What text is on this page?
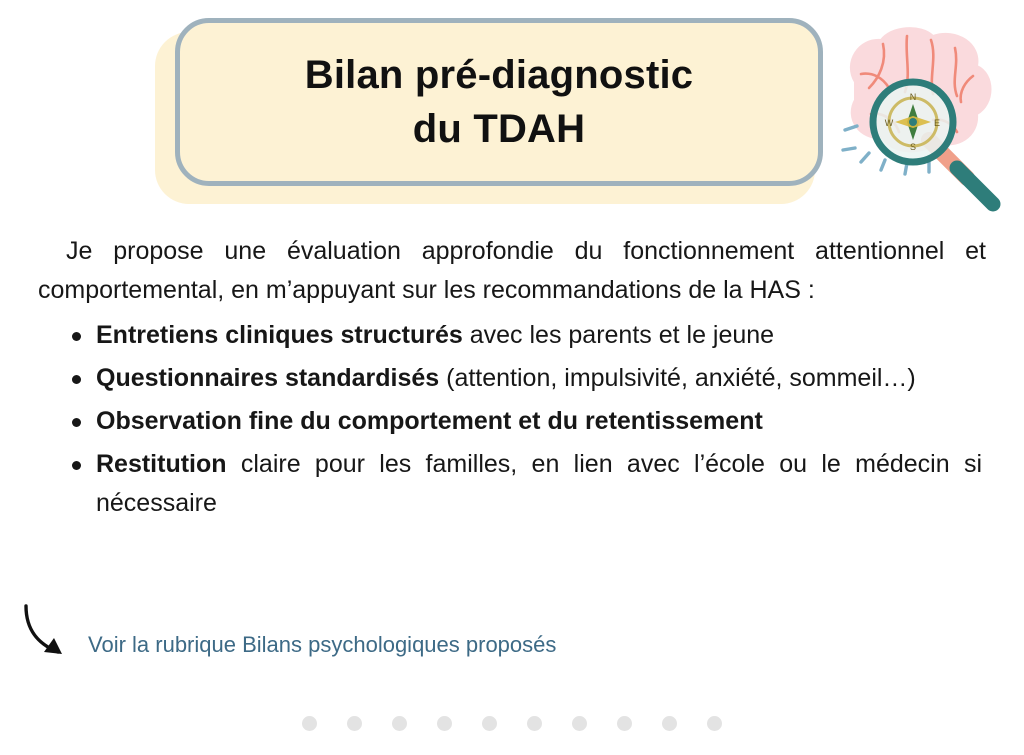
Bilan pré-diagnostic
du TDAH
N
S
E
W

Je propose une évaluation approfondie du fonctionnement attentionnel et comportemental, en m’appuyant sur les recommandations de la HAS :

Entretiens cliniques structurés avec les parents et le jeune
Questionnaires standardisés (attention, impulsivité, anxiété, sommeil…)
Observation fine du comportement et du retentissement
Restitution claire pour les familles, en lien avec l’école ou le médecin si nécessaire
Voir la rubrique Bilans psychologiques proposés
